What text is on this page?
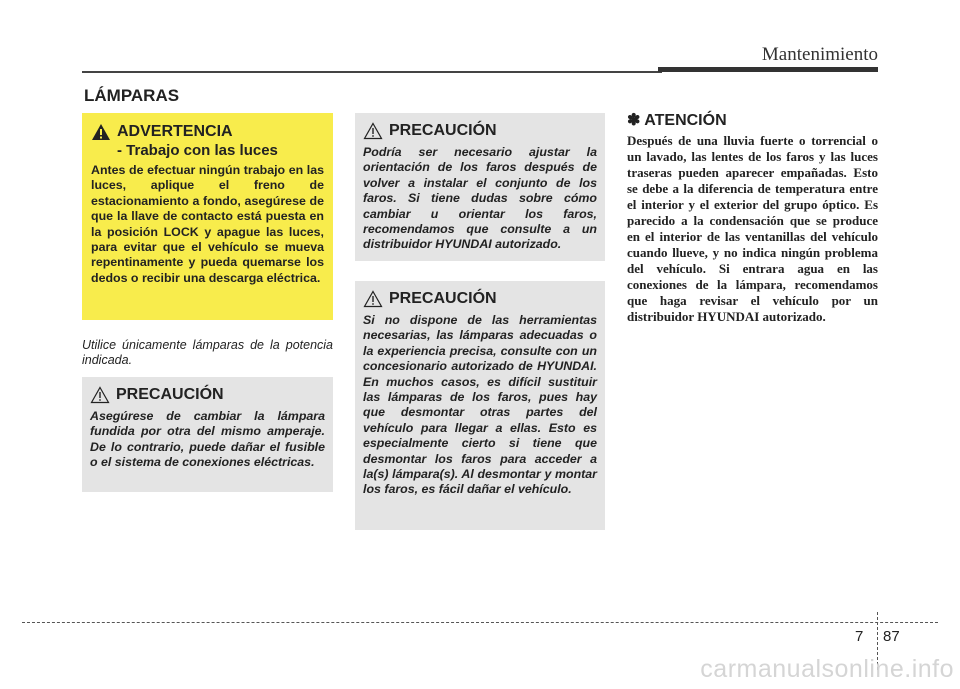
Mantenimiento
LÁMPARAS
ADVERTENCIA
- Trabajo con las luces
Antes de efectuar ningún trabajo en las luces, aplique el freno de estacionamiento a fondo, asegúrese de que la llave de contacto está puesta en la posición LOCK y apague las luces, para evitar que el vehículo se mueva repentinamente y pueda quemarse los dedos o recibir una descarga eléctrica.
Utilice únicamente lámparas de la potencia indicada.
PRECAUCIÓN
Asegúrese de cambiar la lámpara fundida por otra del mismo amperaje. De lo contrario, puede dañar el fusible o el sistema de conexiones eléctricas.
PRECAUCIÓN
Podría ser necesario ajustar la orientación de los faros después de volver a instalar el conjunto de los faros. Si tiene dudas sobre cómo cambiar u orientar los faros, recomendamos que consulte a un distribuidor HYUNDAI autorizado.
PRECAUCIÓN
Si no dispone de las herramientas necesarias, las lámparas adecuadas o la experiencia precisa, consulte con un concesionario autorizado de HYUNDAI. En muchos casos, es difícil sustituir las lámparas de los faros, pues hay que desmontar otras partes del vehículo para llegar a ellas. Esto es especialmente cierto si tiene que desmontar los faros para acceder a la(s) lámpara(s). Al desmontar y montar los faros, es fácil dañar el vehículo.
✽ ATENCIÓN
Después de una lluvia fuerte o torrencial o un lavado, las lentes de los faros y las luces traseras pueden aparecer empañadas. Esto se debe a la diferencia de temperatura entre el interior y el exterior del grupo óptico. Es parecido a la condensación que se produce en el interior de las ventanillas del vehículo cuando llueve, y no indica ningún problema del vehículo. Si entrara agua en las conexiones de la lámpara, recomendamos que haga revisar el vehículo por un distribuidor HYUNDAI autorizado.
7 87
carmanualsonline.info
